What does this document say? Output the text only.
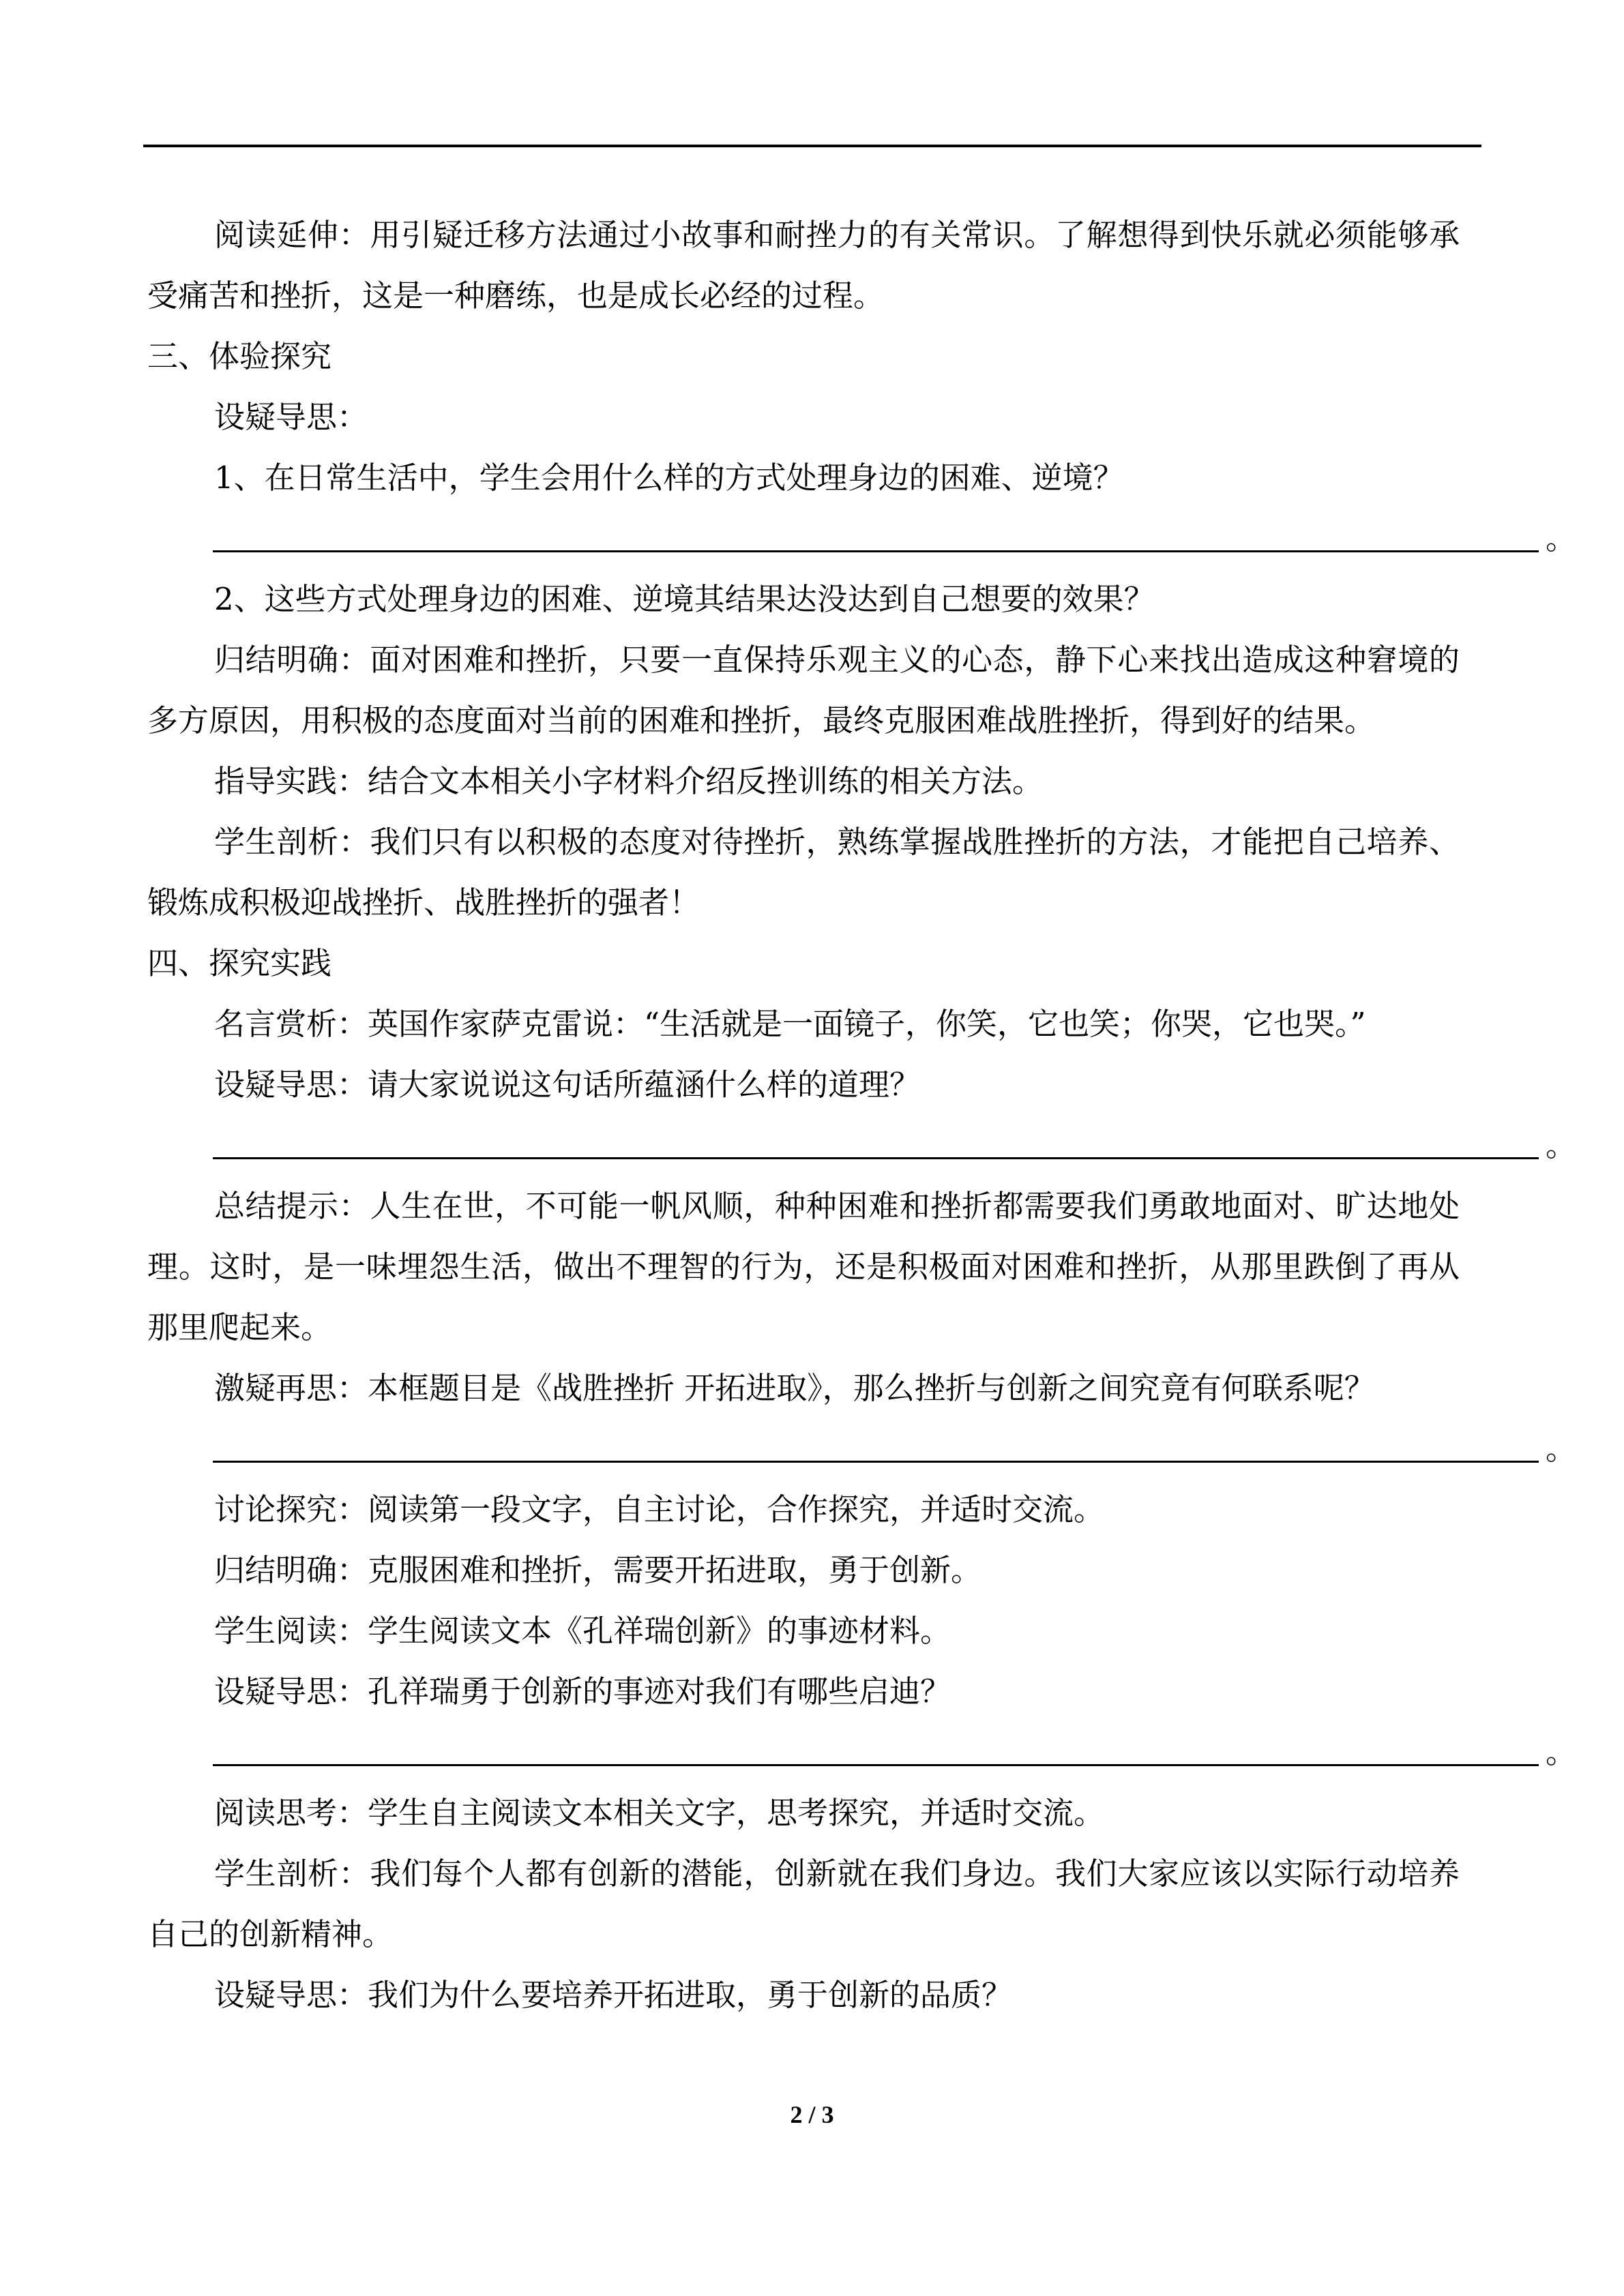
阅读延伸：用引疑迁移方法通过小故事和耐挫力的有关常识。了解想得到快乐就必须能够承受痛苦和挫折，这是一种磨练，也是成长必经的过程。

三、体验探究

设疑导思：

1、在日常生活中，学生会用什么样的方式处理身边的困难、逆境？

。

2、这些方式处理身边的困难、逆境其结果达没达到自己想要的效果？

归结明确：面对困难和挫折，只要一直保持乐观主义的心态，静下心来找出造成这种窘境的多方原因，用积极的态度面对当前的困难和挫折，最终克服困难战胜挫折，得到好的结果。

指导实践：结合文本相关小字材料介绍反挫训练的相关方法。

学生剖析：我们只有以积极的态度对待挫折，熟练掌握战胜挫折的方法，才能把自己培养、锻炼成积极迎战挫折、战胜挫折的强者！

四、探究实践

名言赏析：英国作家萨克雷说：“生活就是一面镜子，你笑，它也笑；你哭，它也哭。”

设疑导思：请大家说说这句话所蕴涵什么样的道理？

。

总结提示：人生在世，不可能一帆风顺，种种困难和挫折都需要我们勇敢地面对、旷达地处理。这时，是一味埋怨生活，做出不理智的行为，还是积极面对困难和挫折，从那里跌倒了再从那里爬起来。

激疑再思：本框题目是《战胜挫折 开拓进取》，那么挫折与创新之间究竟有何联系呢？

。

讨论探究：阅读第一段文字，自主讨论，合作探究，并适时交流。

归结明确：克服困难和挫折，需要开拓进取，勇于创新。

学生阅读：学生阅读文本《孔祥瑞创新》的事迹材料。

设疑导思：孔祥瑞勇于创新的事迹对我们有哪些启迪？

。

阅读思考：学生自主阅读文本相关文字，思考探究，并适时交流。

学生剖析：我们每个人都有创新的潜能，创新就在我们身边。我们大家应该以实际行动培养自己的创新精神。

设疑导思：我们为什么要培养开拓进取，勇于创新的品质？

2 / 3
